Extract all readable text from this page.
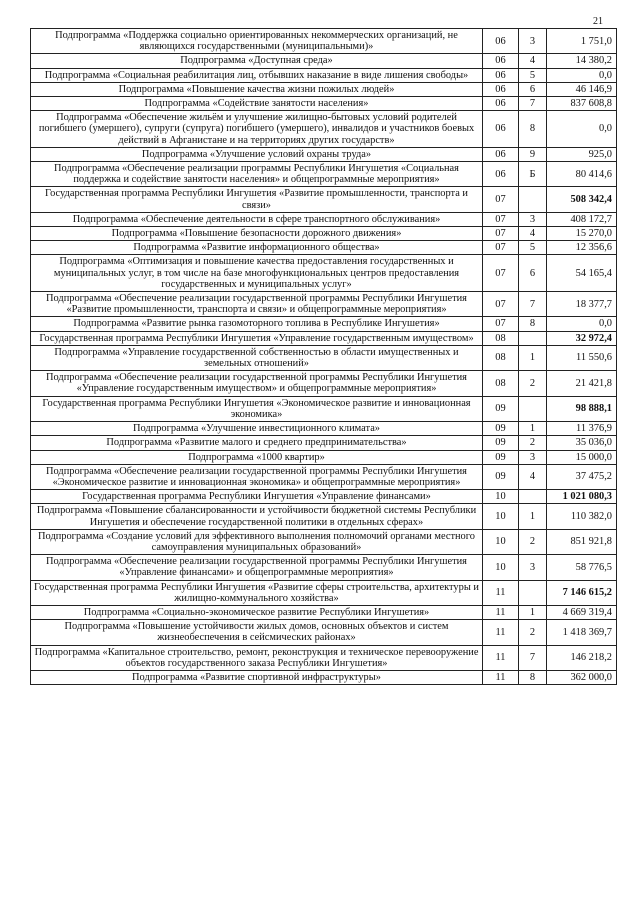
21
Подпрограмма «Поддержка социально ориентированных некоммерческих организаций, не являющихся государственными (муниципальными)»	06	3	1 751,0
Подпрограмма «Доступная среда»	06	4	14 380,2
Подпрограмма «Социальная реабилитация лиц, отбывших наказание в виде лишения свободы»	06	5	0,0
Подпрограмма «Повышение качества жизни пожилых людей»	06	6	46 146,9
Подпрограмма «Содействие занятости населения»	06	7	837 608,8
Подпрограмма «Обеспечение жильём и улучшение жилищно-бытовых условий родителей погибшего (умершего), супруги (супруга) погибшего (умершего), инвалидов и участников боевых действий в Афганистане и на территориях других государств»	06	8	0,0
Подпрограмма «Улучшение условий охраны труда»	06	9	925,0
Подпрограмма «Обеспечение реализации программы Республики Ингушетия «Социальная поддержка и содействие занятости населения» и общепрограммные мероприятия»	06	Б	80 414,6
Государственная программа Республики Ингушетия «Развитие промышленности, транспорта и связи»	07		508 342,4
Подпрограмма «Обеспечение деятельности в сфере транспортного обслуживания»	07	3	408 172,7
Подпрограмма «Повышение безопасности дорожного движения»	07	4	15 270,0
Подпрограмма «Развитие информационного общества»	07	5	12 356,6
Подпрограмма «Оптимизация и повышение качества предоставления государственных и муниципальных услуг, в том числе на базе многофункциональных центров предоставления государственных и муниципальных услуг»	07	6	54 165,4
Подпрограмма «Обеспечение реализации государственной программы Республики Ингушетия «Развитие промышленности, транспорта и связи» и общепрограммные мероприятия»	07	7	18 377,7
Подпрограмма «Развитие рынка газомоторного топлива в Республике Ингушетия»	07	8	0,0
Государственная программа Республики Ингушетия «Управление государственным имуществом»	08		32 972,4
Подпрограмма «Управление государственной собственностью в области имущественных и земельных отношений»	08	1	11 550,6
Подпрограмма «Обеспечение реализации государственной программы Республики Ингушетия «Управление государственным имуществом» и общепрограммные мероприятия»	08	2	21 421,8
Государственная программа Республики Ингушетия «Экономическое развитие и инновационная экономика»	09		98 888,1
Подпрограмма «Улучшение инвестиционного климата»	09	1	11 376,9
Подпрограмма «Развитие малого и среднего предпринимательства»	09	2	35 036,0
Подпрограмма «1000 квартир»	09	3	15 000,0
Подпрограмма «Обеспечение реализации государственной программы Республики Ингушетия «Экономическое развитие и инновационная экономика» и общепрограммные мероприятия»	09	4	37 475,2
Государственная программа Республики Ингушетия «Управление финансами»	10		1 021 080,3
Подпрограмма «Повышение сбалансированности и устойчивости бюджетной системы Республики Ингушетия и обеспечение государственной политики в отдельных сферах»	10	1	110 382,0
Подпрограмма «Создание условий для эффективного выполнения полномочий органами местного самоуправления муниципальных образований»	10	2	851 921,8
Подпрограмма «Обеспечение реализации государственной программы Республики Ингушетия «Управление финансами» и общепрограммные мероприятия»	10	3	58 776,5
Государственная программа Республики Ингушетия «Развитие сферы строительства, архитектуры и жилищно-коммунального хозяйства»	11		7 146 615,2
Подпрограмма «Социально-экономическое развитие Республики Ингушетия»	11	1	4 669 319,4
Подпрограмма «Повышение устойчивости жилых домов, основных объектов и систем жизнеобеспечения в сейсмических районах»	11	2	1 418 369,7
Подпрограмма «Капитальное строительство, ремонт, реконструкция и техническое перевооружение объектов государственного заказа Республики Ингушетия»	11	7	146 218,2
Подпрограмма «Развитие спортивной инфраструктуры»	11	8	362 000,0
